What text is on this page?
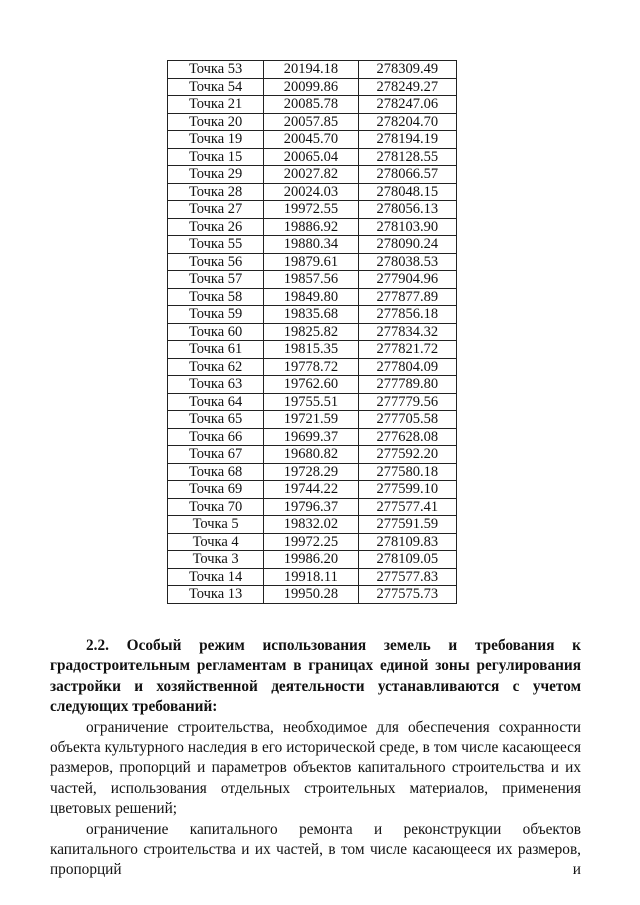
Точка 53	20194.18	278309.49
Точка 54	20099.86	278249.27
Точка 21	20085.78	278247.06
Точка 20	20057.85	278204.70
Точка 19	20045.70	278194.19
Точка 15	20065.04	278128.55
Точка 29	20027.82	278066.57
Точка 28	20024.03	278048.15
Точка 27	19972.55	278056.13
Точка 26	19886.92	278103.90
Точка 55	19880.34	278090.24
Точка 56	19879.61	278038.53
Точка 57	19857.56	277904.96
Точка 58	19849.80	277877.89
Точка 59	19835.68	277856.18
Точка 60	19825.82	277834.32
Точка 61	19815.35	277821.72
Точка 62	19778.72	277804.09
Точка 63	19762.60	277789.80
Точка 64	19755.51	277779.56
Точка 65	19721.59	277705.58
Точка 66	19699.37	277628.08
Точка 67	19680.82	277592.20
Точка 68	19728.29	277580.18
Точка 69	19744.22	277599.10
Точка 70	19796.37	277577.41
Точка 5	19832.02	277591.59
Точка 4	19972.25	278109.83
Точка 3	19986.20	278109.05
Точка 14	19918.11	277577.83
Точка 13	19950.28	277575.73

2.2. Особый режим использования земель и требования к градостроительным регламентам в границах единой зоны регулирования застройки и хозяйственной деятельности устанавливаются с учетом следующих требований:

ограничение строительства, необходимое для обеспечения сохранности объекта культурного наследия в его исторической среде, в том числе касающееся размеров, пропорций и параметров объектов капитального строительства и их частей, использования отдельных строительных материалов, применения цветовых решений;

ограничение капитального ремонта и реконструкции объектов капитального строительства и их частей, в том числе касающееся их размеров, пропорций и
